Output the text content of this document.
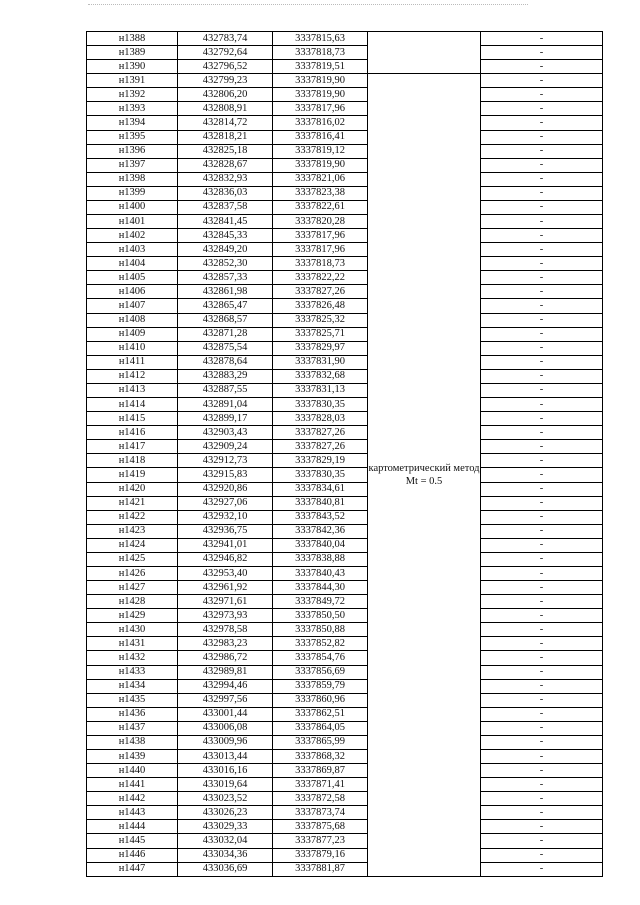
н1388	432783,74	3337815,63		-
н1389	432792,64	3337818,73		-
н1390	432796,52	3337819,51		-
н1391	432799,23	3337819,90	картометрический метод Mt = 0.5	-
н1392	432806,20	3337819,90		-
н1393	432808,91	3337817,96		-
н1394	432814,72	3337816,02		-
н1395	432818,21	3337816,41		-
н1396	432825,18	3337819,12		-
н1397	432828,67	3337819,90		-
н1398	432832,93	3337821,06		-
н1399	432836,03	3337823,38		-
н1400	432837,58	3337822,61		-
н1401	432841,45	3337820,28		-
н1402	432845,33	3337817,96		-
н1403	432849,20	3337817,96		-
н1404	432852,30	3337818,73		-
н1405	432857,33	3337822,22		-
н1406	432861,98	3337827,26		-
н1407	432865,47	3337826,48		-
н1408	432868,57	3337825,32		-
н1409	432871,28	3337825,71		-
н1410	432875,54	3337829,97		-
н1411	432878,64	3337831,90		-
н1412	432883,29	3337832,68		-
н1413	432887,55	3337831,13		-
н1414	432891,04	3337830,35		-
н1415	432899,17	3337828,03		-
н1416	432903,43	3337827,26		-
н1417	432909,24	3337827,26		-
н1418	432912,73	3337829,19		-
н1419	432915,83	3337830,35		-
н1420	432920,86	3337834,61		-
н1421	432927,06	3337840,81		-
н1422	432932,10	3337843,52		-
н1423	432936,75	3337842,36		-
н1424	432941,01	3337840,04		-
н1425	432946,82	3337838,88		-
н1426	432953,40	3337840,43		-
н1427	432961,92	3337844,30		-
н1428	432971,61	3337849,72		-
н1429	432973,93	3337850,50		-
н1430	432978,58	3337850,88		-
н1431	432983,23	3337852,82		-
н1432	432986,72	3337854,76		-
н1433	432989,81	3337856,69		-
н1434	432994,46	3337859,79		-
н1435	432997,56	3337860,96		-
н1436	433001,44	3337862,51		-
н1437	433006,08	3337864,05		-
н1438	433009,96	3337865,99		-
н1439	433013,44	3337868,32		-
н1440	433016,16	3337869,87		-
н1441	433019,64	3337871,41		-
н1442	433023,52	3337872,58		-
н1443	433026,23	3337873,74		-
н1444	433029,33	3337875,68		-
н1445	433032,04	3337877,23		-
н1446	433034,36	3337879,16		-
н1447	433036,69	3337881,87		-
